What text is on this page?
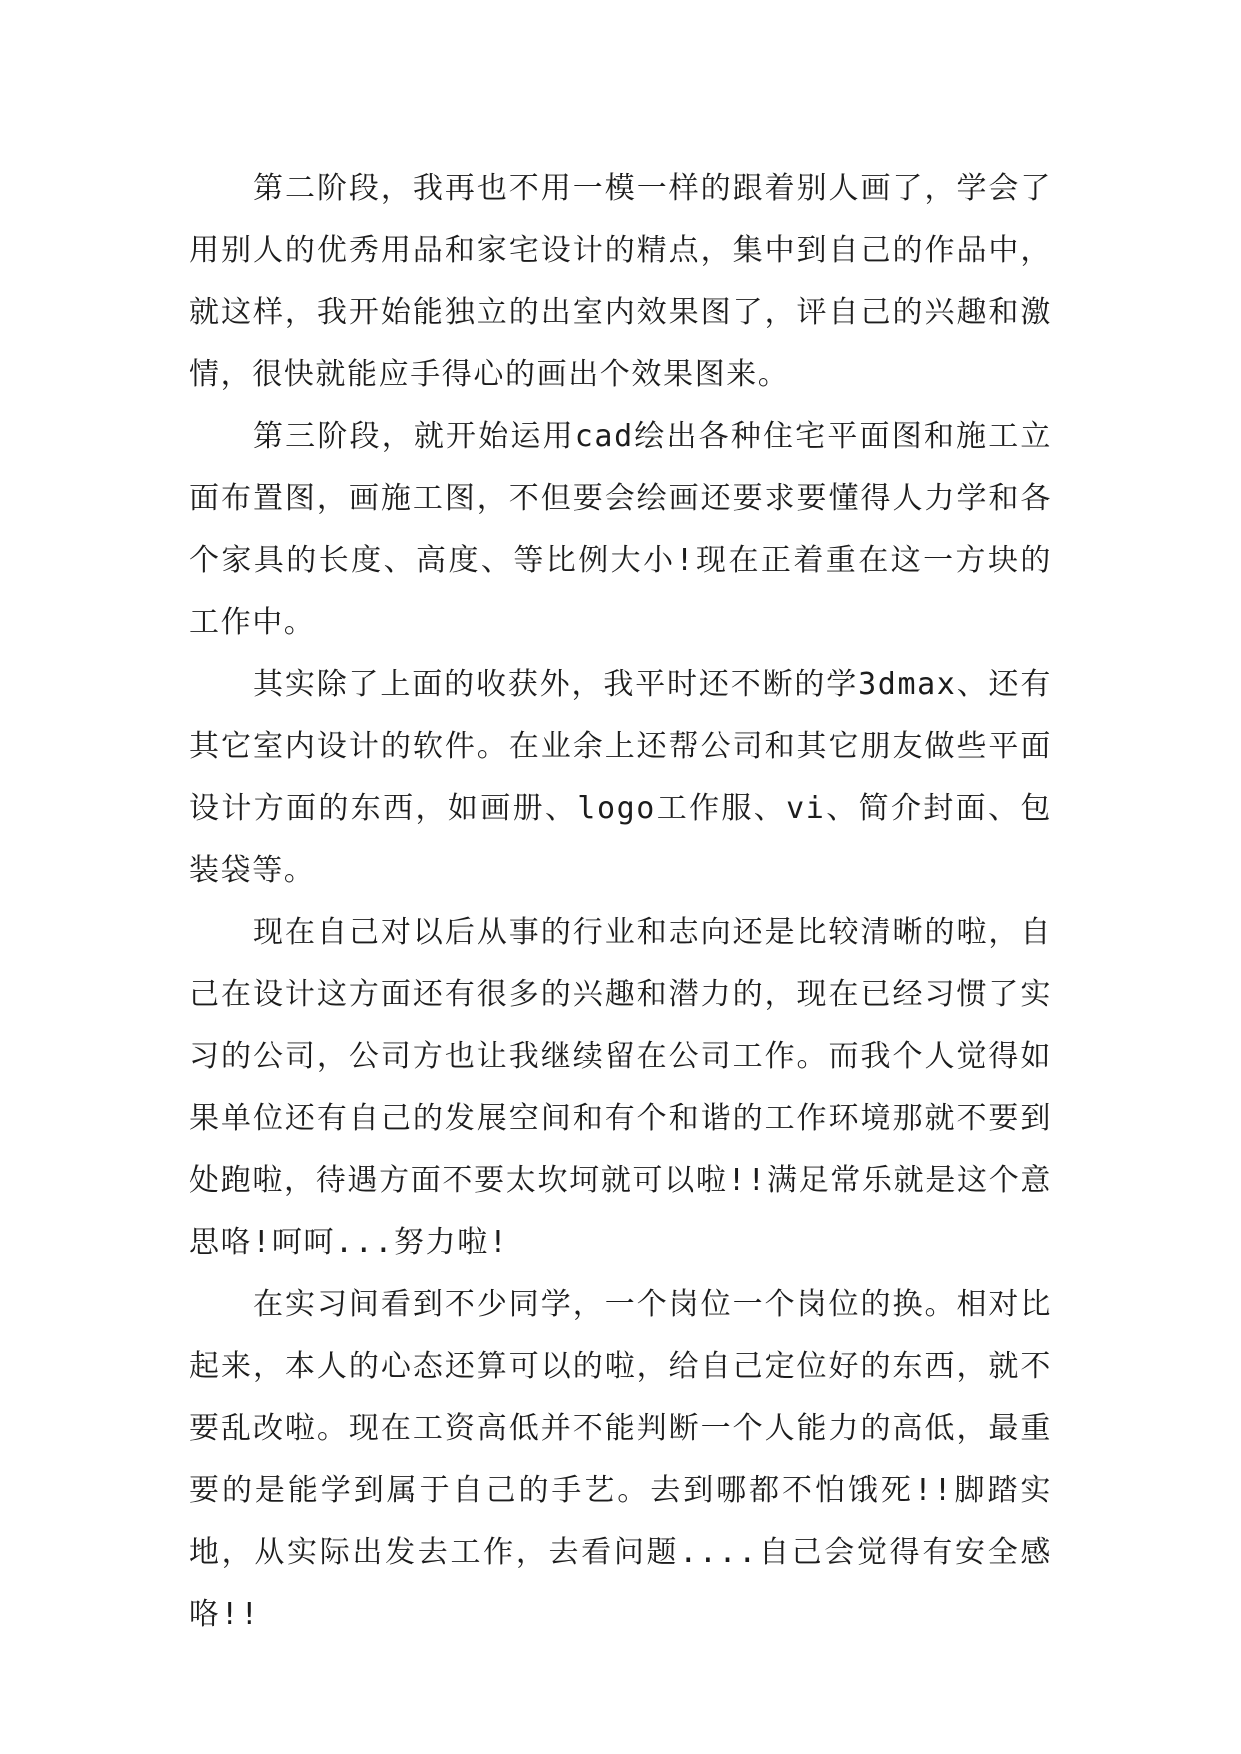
第二阶段，我再也不用一模一样的跟着别人画了，学会了用别人的优秀用品和家宅设计的精点，集中到自己的作品中，就这样，我开始能独立的出室内效果图了，评自己的兴趣和激情，很快就能应手得心的画出个效果图来。

第三阶段，就开始运用cad绘出各种住宅平面图和施工立面布置图，画施工图，不但要会绘画还要求要懂得人力学和各个家具的长度、高度、等比例大小!现在正着重在这一方块的工作中。

其实除了上面的收获外，我平时还不断的学3dmax、还有其它室内设计的软件。在业余上还帮公司和其它朋友做些平面设计方面的东西，如画册、logo工作服、vi、简介封面、包装袋等。

现在自己对以后从事的行业和志向还是比较清晰的啦，自己在设计这方面还有很多的兴趣和潜力的，现在已经习惯了实习的公司，公司方也让我继续留在公司工作。而我个人觉得如果单位还有自己的发展空间和有个和谐的工作环境那就不要到处跑啦，待遇方面不要太坎坷就可以啦!!满足常乐就是这个意思咯!呵呵...努力啦!

在实习间看到不少同学，一个岗位一个岗位的换。相对比起来，本人的心态还算可以的啦，给自己定位好的东西，就不要乱改啦。现在工资高低并不能判断一个人能力的高低，最重要的是能学到属于自己的手艺。去到哪都不怕饿死!!脚踏实地，从实际出发去工作，去看问题....自己会觉得有安全感咯!!
